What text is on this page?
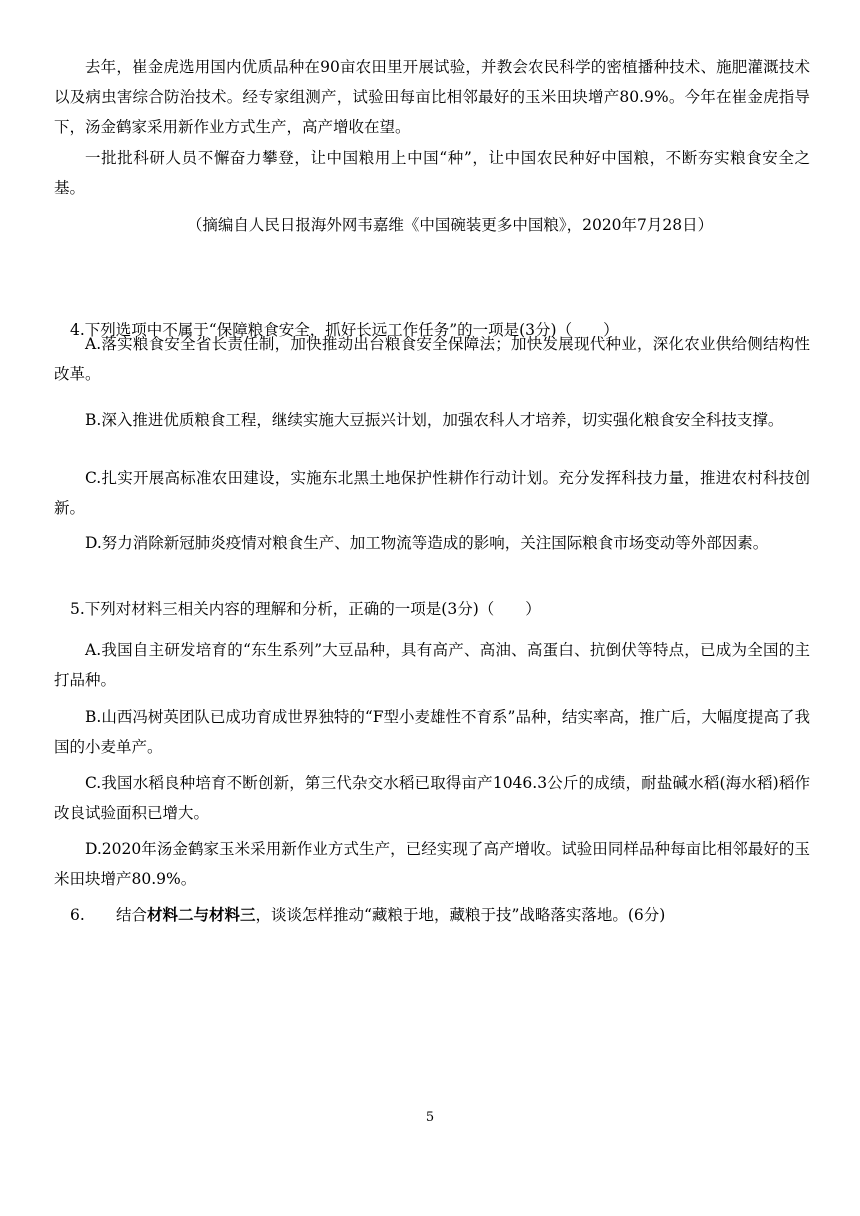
去年，崔金虎选用国内优质品种在90亩农田里开展试验，并教会农民科学的密植播种技术、施肥灌溉技术以及病虫害综合防治技术。经专家组测产，试验田每亩比相邻最好的玉米田块增产80.9%。今年在崔金虎指导下，汤金鹤家采用新作业方式生产，高产增收在望。

一批批科研人员不懈奋力攀登，让中国粮用上中国“种”，让中国农民种好中国粮，不断夯实粮食安全之基。

（摘编自人民日报海外网韦嘉维《中国碗装更多中国粮》，2020年7月28日）

4.下列选项中不属于“保障粮食安全，抓好长远工作任务”的一项是(3分)（　　）

A.落实粮食安全省长责任制，加快推动出台粮食安全保障法；加快发展现代种业，深化农业供给侧结构性改革。

B.深入推进优质粮食工程，继续实施大豆振兴计划，加强农科人才培养，切实强化粮食安全科技支撑。

C.扎实开展高标准农田建设，实施东北黑土地保护性耕作行动计划。充分发挥科技力量，推进农村科技创新。

D.努力消除新冠肺炎疫情对粮食生产、加工物流等造成的影响，关注国际粮食市场变动等外部因素。

5.下列对材料三相关内容的理解和分析，正确的一项是(3分)（　　）

A.我国自主研发培育的“东生系列”大豆品种，具有高产、高油、高蛋白、抗倒伏等特点，已成为全国的主打品种。

B.山西冯树英团队已成功育成世界独特的“F型小麦雄性不育系”品种，结实率高，推广后，大幅度提高了我国的小麦单产。

C.我国水稻良种培育不断创新，第三代杂交水稻已取得亩产1046.3公斤的成绩，耐盐碱水稻(海水稻)稻作改良试验面积已增大。

D.2020年汤金鹤家玉米采用新作业方式生产，已经实现了高产增收。试验田同样品种每亩比相邻最好的玉米田块增产80.9%。

6. 结合材料二与材料三，谈谈怎样推动“藏粮于地，藏粮于技”战略落实落地。(6分)

5
